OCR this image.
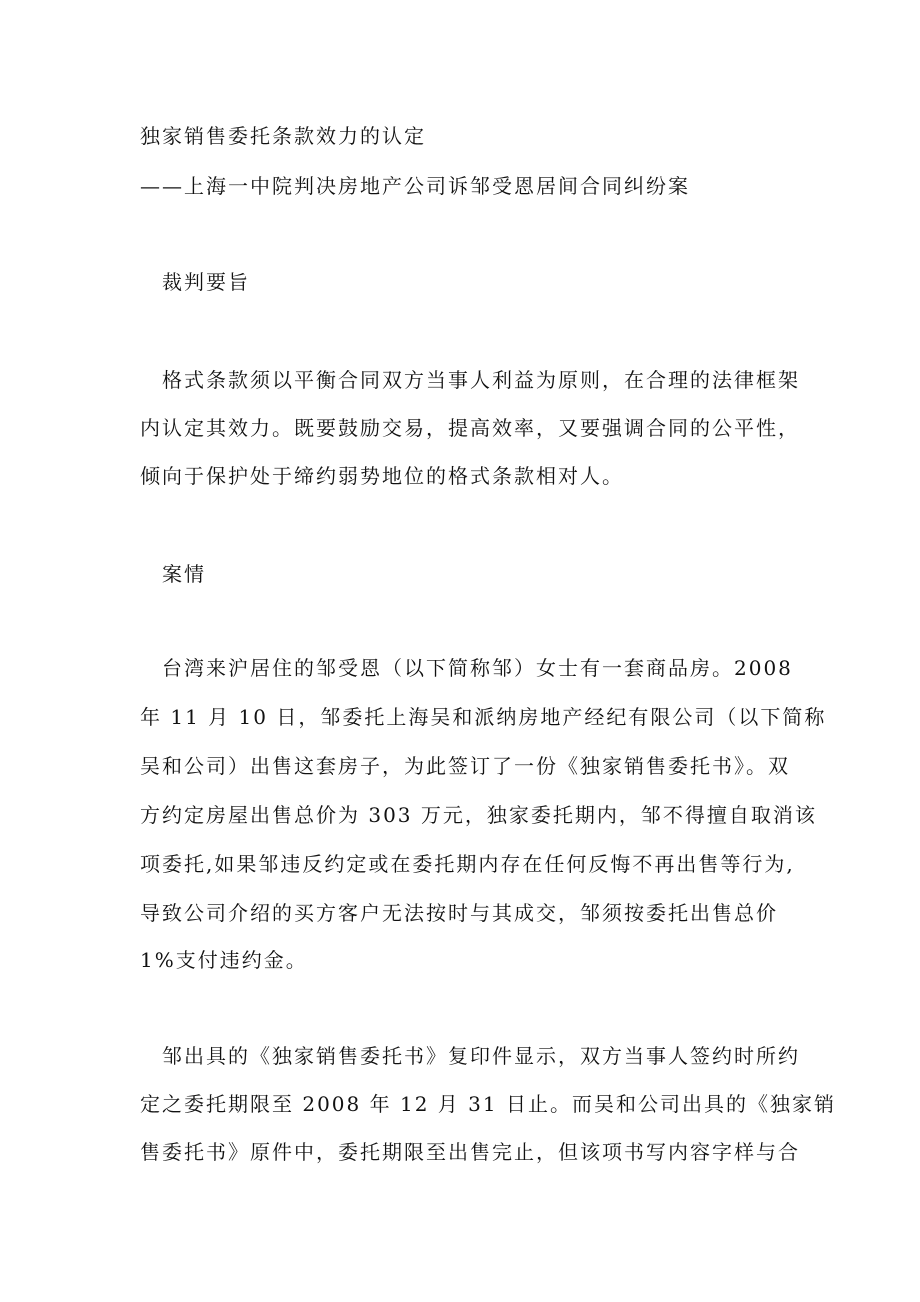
独家销售委托条款效力的认定
——上海一中院判决房地产公司诉邹受恩居间合同纠纷案
裁判要旨
格式条款须以平衡合同双方当事人利益为原则，在合理的法律框架
内认定其效力。既要鼓励交易，提高效率，又要强调合同的公平性，
倾向于保护处于缔约弱势地位的格式条款相对人。
案情
台湾来沪居住的邹受恩（以下简称邹）女士有一套商品房。2008
年 11 月 10 日，邹委托上海吴和派纳房地产经纪有限公司（以下简称
吴和公司）出售这套房子，为此签订了一份《独家销售委托书》。双
方约定房屋出售总价为 303 万元，独家委托期内，邹不得擅自取消该
项委托,如果邹违反约定或在委托期内存在任何反悔不再出售等行为,
导致公司介绍的买方客户无法按时与其成交，邹须按委托出售总价
1%支付违约金。
邹出具的《独家销售委托书》复印件显示，双方当事人签约时所约
定之委托期限至 2008 年 12 月 31 日止。而吴和公司出具的《独家销
售委托书》原件中，委托期限至出售完止，但该项书写内容字样与合
